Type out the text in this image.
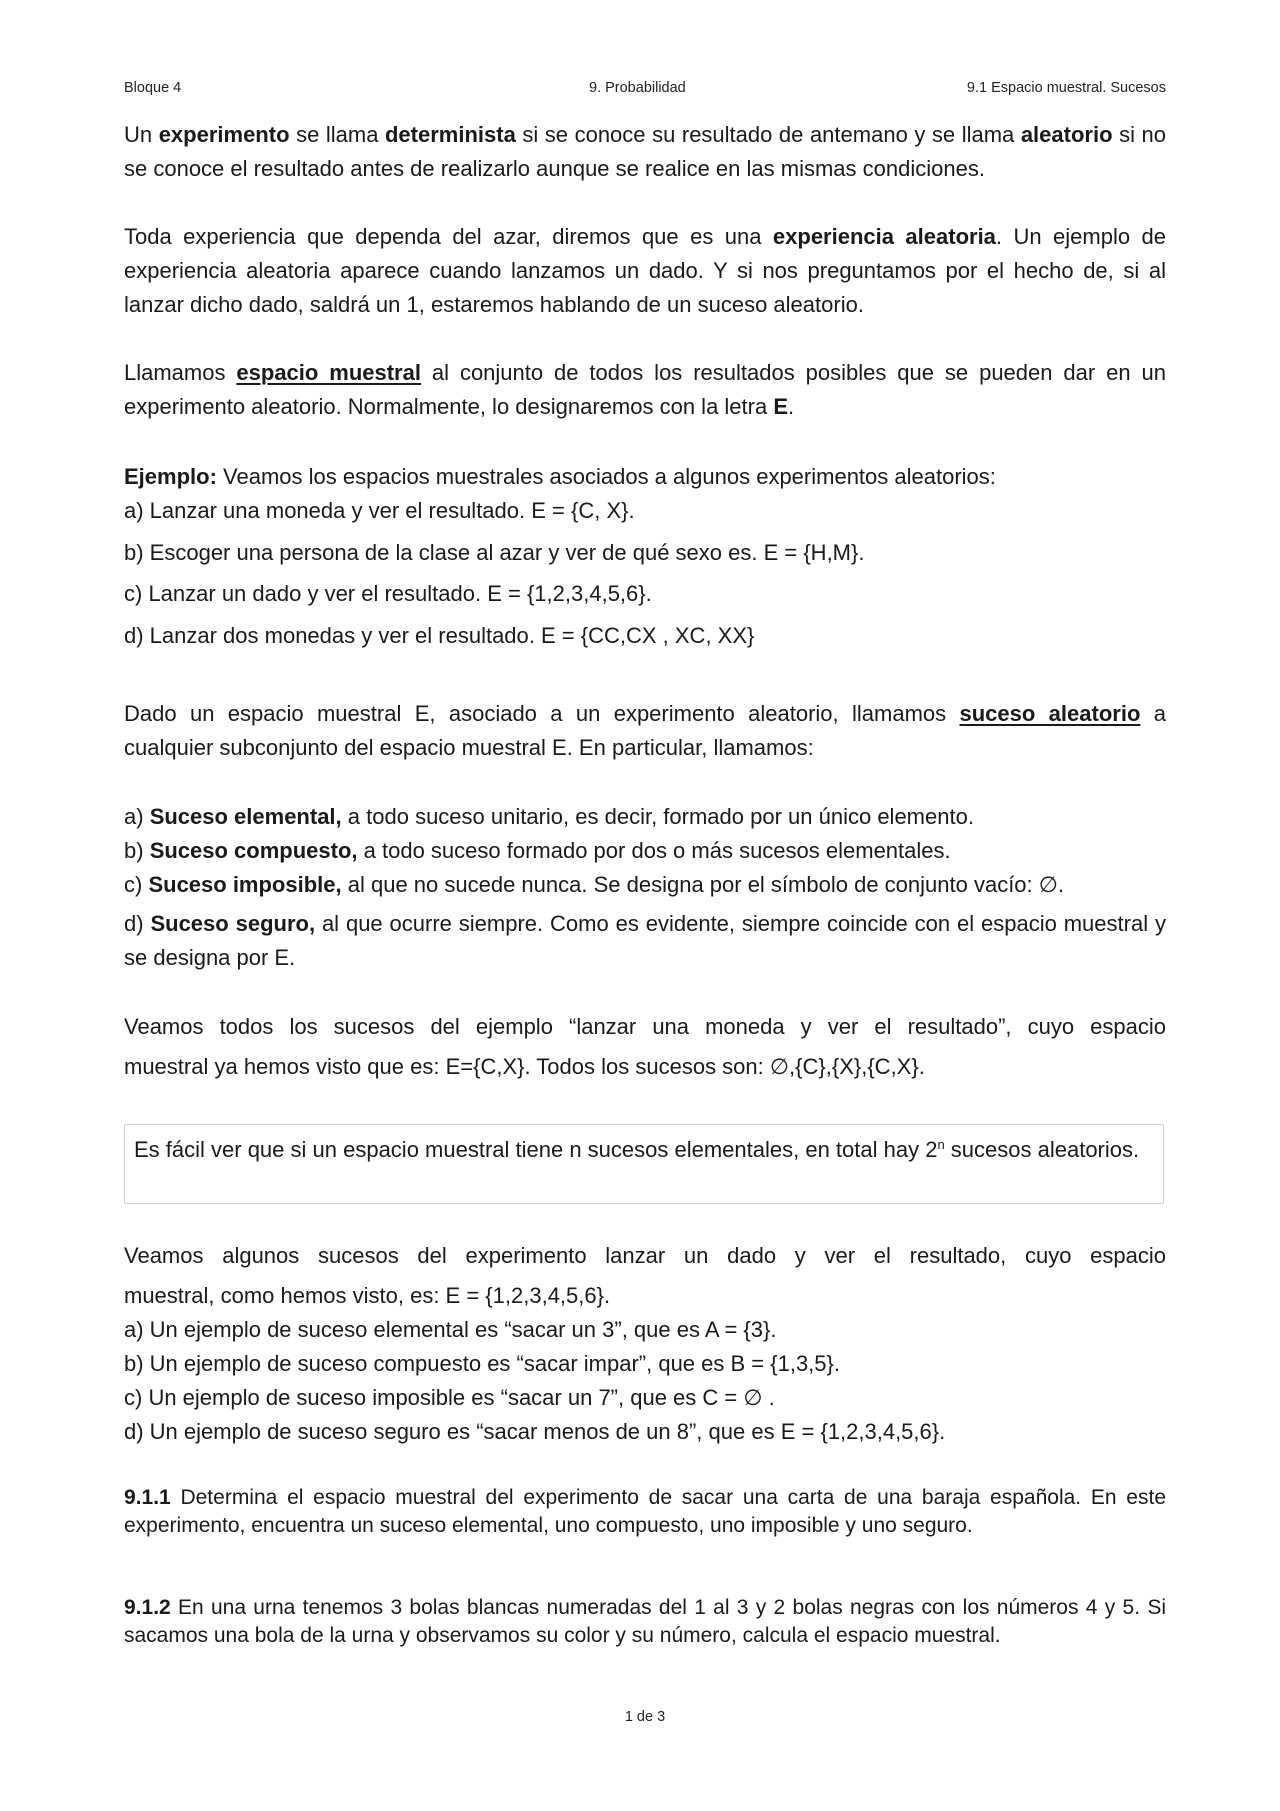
Bloque 4	9. Probabilidad	9.1 Espacio muestral. Sucesos

Un experimento se llama determinista si se conoce su resultado de antemano y se llama aleatorio si no se conoce el resultado antes de realizarlo aunque se realice en las mismas condiciones.

Toda experiencia que dependa del azar, diremos que es una experiencia aleatoria. Un ejemplo de experiencia aleatoria aparece cuando lanzamos un dado. Y si nos preguntamos por el hecho de, si al lanzar dicho dado, saldrá un 1, estaremos hablando de un suceso aleatorio.

Llamamos espacio muestral al conjunto de todos los resultados posibles que se pueden dar en un experimento aleatorio. Normalmente, lo designaremos con la letra E.

Ejemplo: Veamos los espacios muestrales asociados a algunos experimentos aleatorios:

a) Lanzar una moneda y ver el resultado. E = {C, X}.

b) Escoger una persona de la clase al azar y ver de qué sexo es. E = {H,M}.

c) Lanzar un dado y ver el resultado. E = {1,2,3,4,5,6}.

d) Lanzar dos monedas y ver el resultado. E = {CC,CX , XC, XX}

Dado un espacio muestral E, asociado a un experimento aleatorio, llamamos suceso aleatorio a cualquier subconjunto del espacio muestral E. En particular, llamamos:

a) Suceso elemental, a todo suceso unitario, es decir, formado por un único elemento.

b) Suceso compuesto, a todo suceso formado por dos o más sucesos elementales.

c) Suceso imposible, al que no sucede nunca. Se designa por el símbolo de conjunto vacío: ∅.

d) Suceso seguro, al que ocurre siempre. Como es evidente, siempre coincide con el espacio muestral y se designa por E.

Veamos todos los sucesos del ejemplo “lanzar una moneda y ver el resultado”, cuyo espacio

muestral ya hemos visto que es: E={C,X}. Todos los sucesos son: ∅,{C},{X},{C,X}.

Es fácil ver que si un espacio muestral tiene n sucesos elementales, en total hay 2$^n$ sucesos aleatorios.

Veamos algunos sucesos del experimento lanzar un dado y ver el resultado, cuyo espacio

muestral, como hemos visto, es: E = {1,2,3,4,5,6}.

a) Un ejemplo de suceso elemental es “sacar un 3”, que es A = {3}.

b) Un ejemplo de suceso compuesto es “sacar impar”, que es B = {1,3,5}.

c) Un ejemplo de suceso imposible es “sacar un 7”, que es C = ∅ .

d) Un ejemplo de suceso seguro es “sacar menos de un 8”, que es E = {1,2,3,4,5,6}.

9.1.1 Determina el espacio muestral del experimento de sacar una carta de una baraja española. En este experimento, encuentra un suceso elemental, uno compuesto, uno imposible y uno seguro.

9.1.2 En una urna tenemos 3 bolas blancas numeradas del 1 al 3 y 2 bolas negras con los números 4 y 5. Si sacamos una bola de la urna y observamos su color y su número, calcula el espacio muestral.

1 de 3
